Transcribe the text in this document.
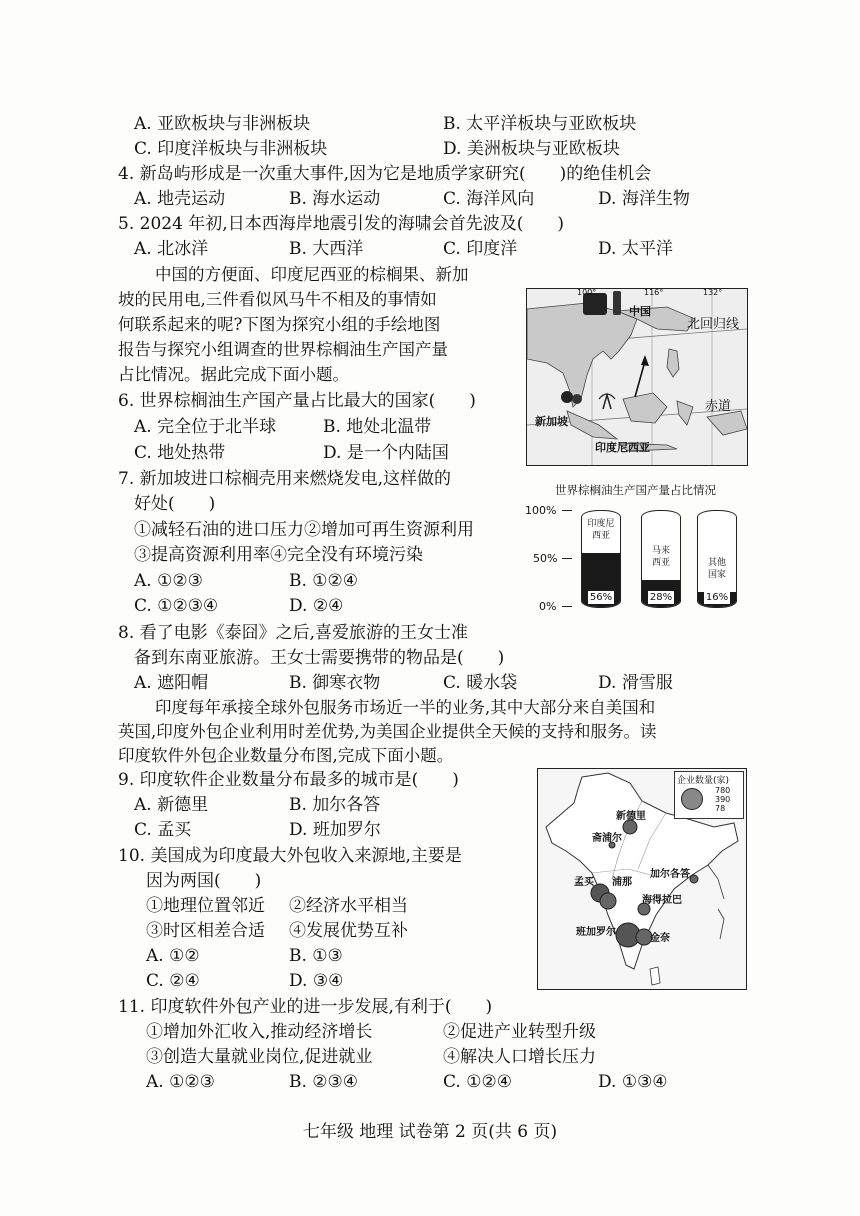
A. 亚欧板块与非洲板块	B. 太平洋板块与亚欧板块
C. 印度洋板块与非洲板块	D. 美洲板块与亚欧板块
4. 新岛屿形成是一次重大事件,因为它是地质学家研究(　　)的绝佳机会
A. 地壳运动	B. 海水运动	C. 海洋风向	D. 海洋生物
5. 2024 年初,日本西海岸地震引发的海啸会首先波及(　　)
A. 北冰洋	B. 大西洋	C. 印度洋	D. 太平洋
中国的方便面、印度尼西亚的棕榈果、新加
坡的民用电,三件看似风马牛不相及的事情如
何联系起来的呢?下图为探究小组的手绘地图
报告与探究小组调查的世界棕榈油生产国产量
占比情况。据此完成下面小题。
6. 世界棕榈油生产国产量占比最大的国家(　　)
A. 完全位于北半球	B. 地处北温带
C. 地处热带	D. 是一个内陆国
7. 新加坡进口棕榈壳用来燃烧发电,这样做的
好处(　　)
①减轻石油的进口压力②增加可再生资源利用
③提高资源利用率④完全没有环境污染
A. ①②③	B. ①②④
C. ①②③④	D. ②④
8. 看了电影《泰囧》之后,喜爱旅游的王女士准
备到东南亚旅游。王女士需要携带的物品是(　　)
A. 遮阳帽	B. 御寒衣物	C. 暖水袋	D. 滑雪服
印度每年承接全球外包服务市场近一半的业务,其中大部分来自美国和
英国,印度外包企业利用时差优势,为美国企业提供全天候的支持和服务。读
印度软件外包企业数量分布图,完成下面小题。
9. 印度软件企业数量分布最多的城市是(　　)
A. 新德里	B. 加尔各答
C. 孟买	D. 班加罗尔
10. 美国成为印度最大外包收入来源地,主要是
因为两国(　　)
①地理位置邻近 ②经济水平相当
③时区相差合适 ④发展优势互补
A. ①②	B. ①③
C. ②④	D. ③④
11. 印度软件外包产业的进一步发展,有利于(　　)
①增加外汇收入,推动经济增长	②促进产业转型升级
③创造大量就业岗位,促进就业	④解决人口增长压力
A. ①②③	B. ②③④	C. ①②④	D. ①③④
100°	116°	132°
中国
北回归线
赤道
新加坡
印度尼西亚
世界棕榈油生产国产量占比情况
100%
50%
0%
印度尼
西亚
56%
马来
西亚
28%
其他
国家
16%
企业数量(家)
780
390
78
新德里
斋浦尔
加尔各答
孟买 浦那
海得拉巴
班加罗尔
金奈
七年级 地理 试卷第 2 页(共 6 页)
